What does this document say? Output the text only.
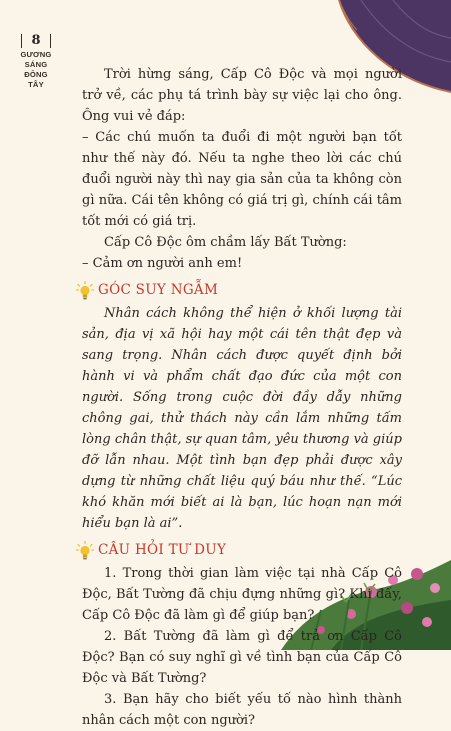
8
GƯƠNG
SÁNG
ĐÔNG
TÂY

Trời hừng sáng, Cấp Cô Độc và mọi người trở về, các phụ tá trình bày sự việc lại cho ông. Ông vui vẻ đáp:

– Các chú muốn ta đuổi đi một người bạn tốt như thế này đó. Nếu ta nghe theo lời các chú đuổi người này thì nay gia sản của ta không còn gì nữa. Cái tên không có giá trị gì, chính cái tâm tốt mới có giá trị.

Cấp Cô Độc ôm chầm lấy Bất Tường:

– Cảm ơn người anh em!

GÓC SUY NGẪM

Nhân cách không thể hiện ở khối lượng tài sản, địa vị xã hội hay một cái tên thật đẹp và sang trọng. Nhân cách được quyết định bởi hành vi và phẩm chất đạo đức của một con người. Sống trong cuộc đời đầy dẫy những chông gai, thử thách này cần lắm những tấm lòng chân thật, sự quan tâm, yêu thương và giúp đỡ lẫn nhau. Một tình bạn đẹp phải được xây dựng từ những chất liệu quý báu như thế. “Lúc khó khăn mới biết ai là bạn, lúc hoạn nạn mới hiểu bạn là ai”.

CÂU HỎI TƯ DUY

1. Trong thời gian làm việc tại nhà Cấp Cô Độc, Bất Tường đã chịu đựng những gì? Khi đấy, Cấp Cô Độc đã làm gì để giúp bạn?

2. Bất Tường đã làm gì để trả ơn Cấp Cô Độc? Bạn có suy nghĩ gì về tình bạn của Cấp Cô Độc và Bất Tường?

3. Bạn hãy cho biết yếu tố nào hình thành nhân cách một con người?
